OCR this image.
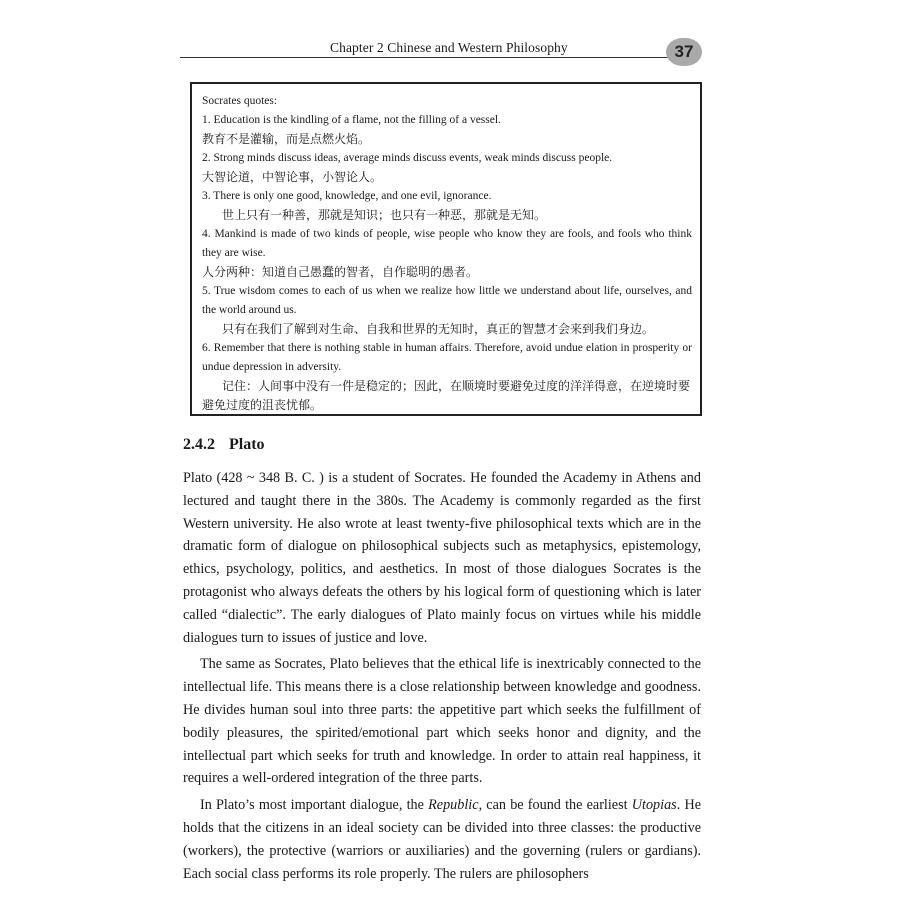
Chapter 2 Chinese and Western Philosophy	37

Socrates quotes:

1. Education is the kindling of a flame, not the filling of a vessel.

教育不是灌输，而是点燃火焰。

2. Strong minds discuss ideas, average minds discuss events, weak minds discuss people.

大智论道，中智论事，小智论人。

3. There is only one good, knowledge, and one evil, ignorance.

世上只有一种善，那就是知识；也只有一种恶，那就是无知。

4. Mankind is made of two kinds of people, wise people who know they are fools, and fools who think they are wise.

人分两种：知道自己愚蠢的智者，自作聪明的愚者。

5. True wisdom comes to each of us when we realize how little we understand about life, ourselves, and the world around us.

只有在我们了解到对生命、自我和世界的无知时，真正的智慧才会来到我们身边。

6. Remember that there is nothing stable in human affairs. Therefore, avoid undue elation in prosperity or undue depression in adversity.

记住：人间事中没有一件是稳定的；因此，在顺境时要避免过度的洋洋得意，在逆境时要避免过度的沮丧忧郁。

2.4.2 Plato

Plato (428 ~ 348 B. C. ) is a student of Socrates. He founded the Academy in Athens and lectured and taught there in the 380s. The Academy is commonly regarded as the first Western university. He also wrote at least twenty-five philosophical texts which are in the dramatic form of dialogue on philosophical subjects such as metaphysics, epistemology, ethics, psychology, politics, and aesthetics. In most of those dialogues Socrates is the protagonist who always defeats the others by his logical form of questioning which is later called “dialectic”. The early dialogues of Plato mainly focus on virtues while his middle dialogues turn to issues of justice and love.

The same as Socrates, Plato believes that the ethical life is inextricably connected to the intellectual life. This means there is a close relationship between knowledge and goodness. He divides human soul into three parts: the appetitive part which seeks the fulfillment of bodily pleasures, the spirited/emotional part which seeks honor and dignity, and the intellectual part which seeks for truth and knowledge. In order to attain real happiness, it requires a well-ordered integration of the three parts.

In Plato’s most important dialogue, the Republic, can be found the earliest Utopias. He holds that the citizens in an ideal society can be divided into three classes: the productive (workers), the protective (warriors or auxiliaries) and the governing (rulers or gardians). Each social class performs its role properly. The rulers are philosophers
